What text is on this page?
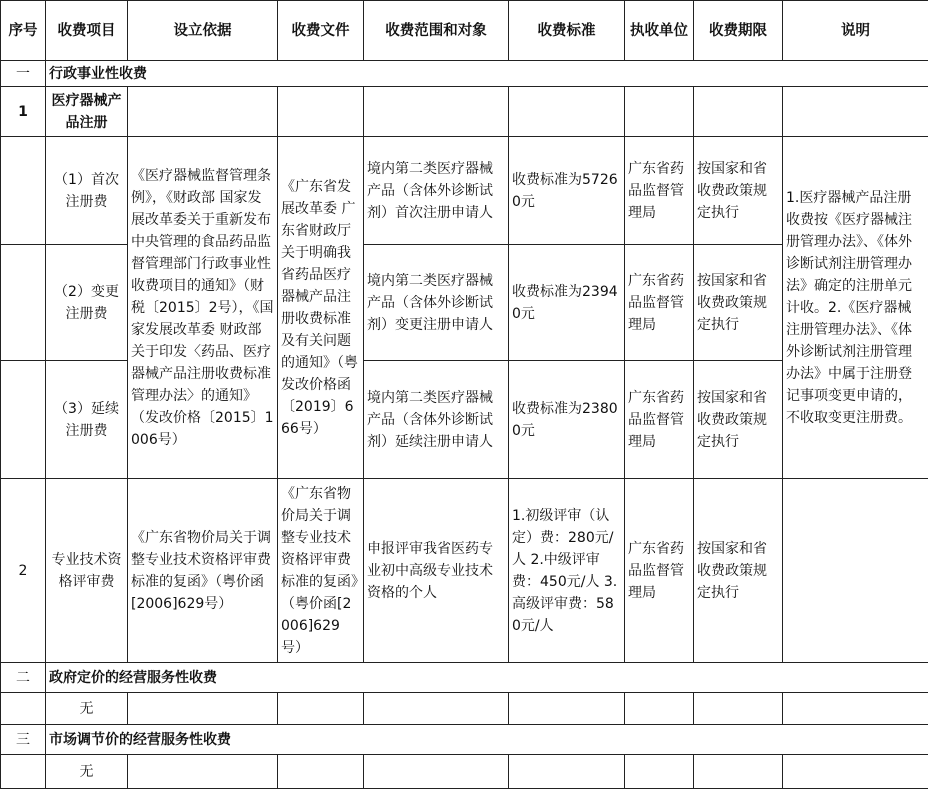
序号	收费项目	设立依据	收费文件	收费范围和对象	收费标准	执收单位	收费期限	说明
一	行政事业性收费							
1	医疗器械产品注册							
	（1）首次注册费	《医疗器械监督管理条例》，《财政部 国家发展改革委关于重新发布中央管理的食品药品监督管理部门行政事业性收费项目的通知》（财税〔2015〕2号），《国家发展改革委 财政部关于印发〈药品、医疗器械产品注册收费标准管理办法〉的通知》（发改价格〔2015〕1006号）	《广东省发展改革委 广东省财政厅关于明确我省药品医疗器械产品注册收费标准及有关问题的通知》（粤发改价格函〔2019〕666号）	境内第二类医疗器械产品（含体外诊断试剂）首次注册申请人	收费标准为57260元	广东省药品监督管理局	按国家和省收费政策规定执行	1.医疗器械产品注册收费按《医疗器械注册管理办法》、《体外诊断试剂注册管理办法》确定的注册单元计收。2.《医疗器械注册管理办法》、《体外诊断试剂注册管理办法》中属于注册登记事项变更申请的，不收取变更注册费。
	（2）变更注册费			境内第二类医疗器械产品（含体外诊断试剂）变更注册申请人	收费标准为23940元	广东省药品监督管理局	按国家和省收费政策规定执行	
	（3）延续注册费			境内第二类医疗器械产品（含体外诊断试剂）延续注册申请人	收费标准为23800元	广东省药品监督管理局	按国家和省收费政策规定执行	
2	专业技术资格评审费	《广东省物价局关于调整专业技术资格评审费标准的复函》（粤价函[2006]629号）	《广东省物价局关于调整专业技术资格评审费标准的复函》（粤价函[2006]629号）	申报评审我省医药专业初中高级专业技术资格的个人	1.初级评审（认定）费：280元/人 2.中级评审费：450元/人 3.高级评审费：580元/人	广东省药品监督管理局	按国家和省收费政策规定执行	
二	政府定价的经营服务性收费							
	无							
三	市场调节价的经营服务性收费							
	无							
